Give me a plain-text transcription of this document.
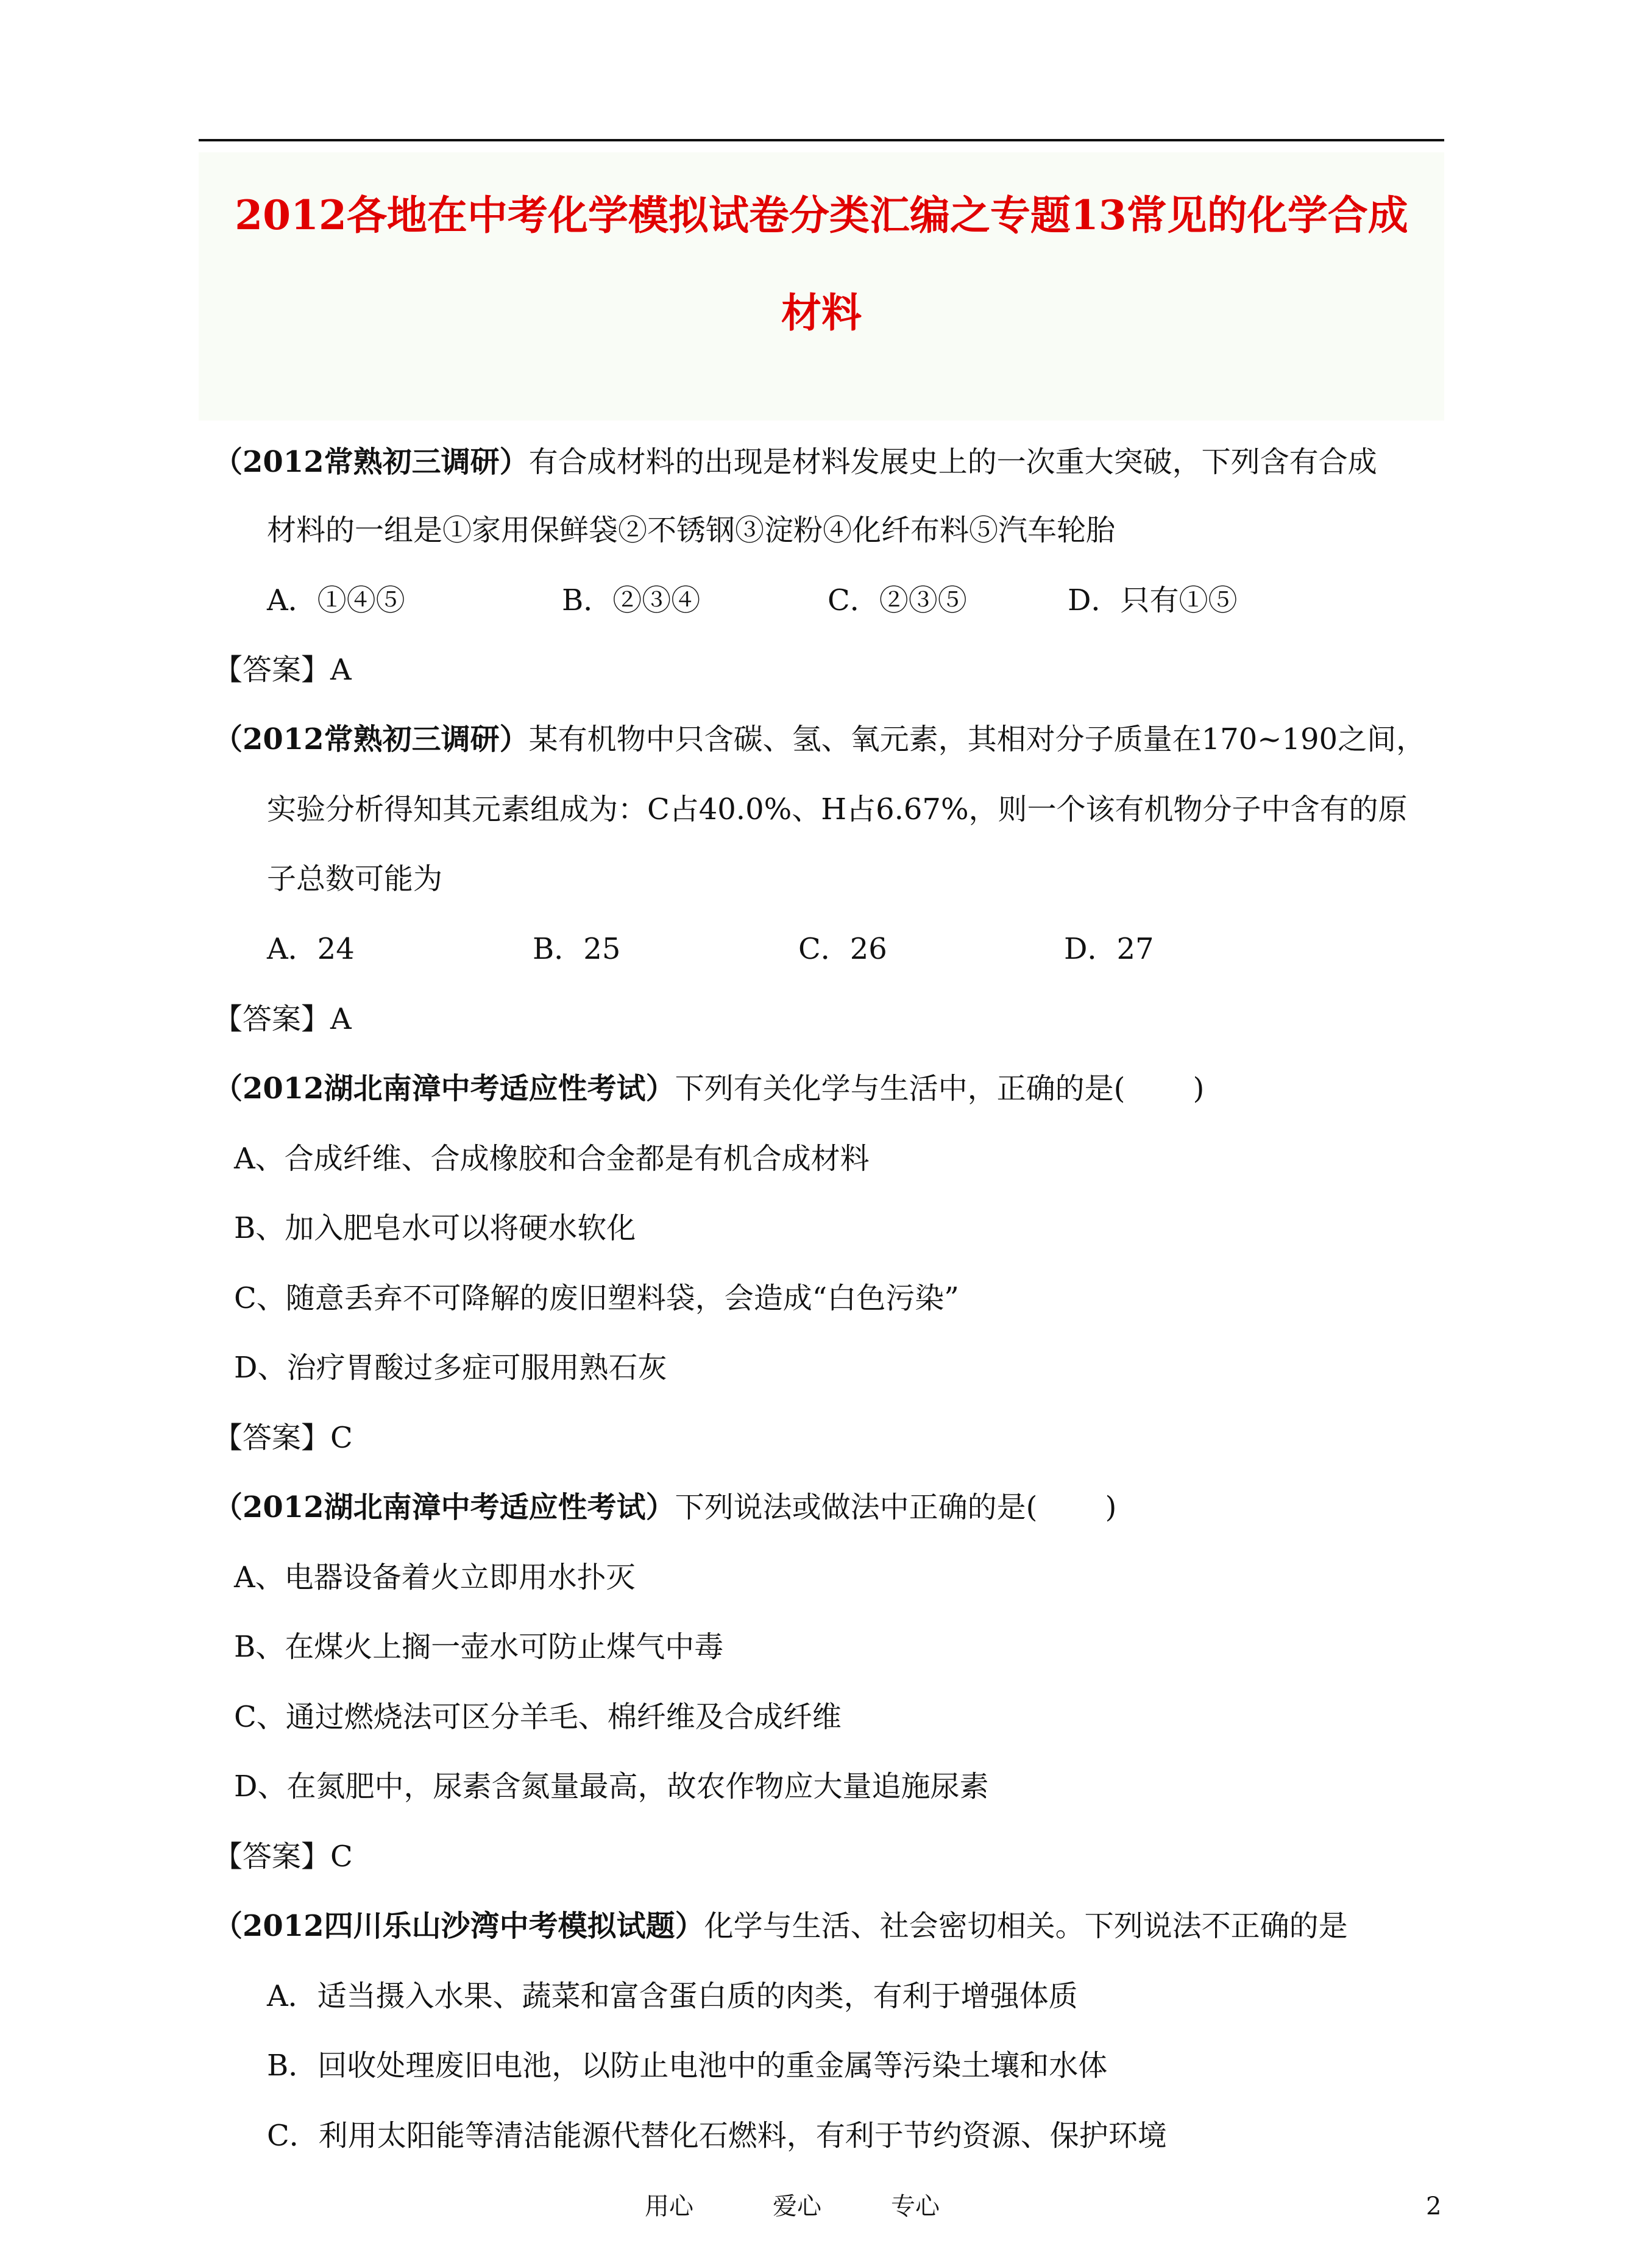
2012各地在中考化学模拟试卷分类汇编之专题13常见的化学合成
材料
（2012常熟初三调研）有合成材料的出现是材料发展史上的一次重大突破，下列含有合成
材料的一组是①家用保鲜袋②不锈钢③淀粉④化纤布料⑤汽车轮胎
A．①④⑤	B．②③④	C．②③⑤	D．只有①⑤
【答案】A
（2012常熟初三调研）某有机物中只含碳、氢、氧元素，其相对分子质量在170~190之间，
实验分析得知其元素组成为：C占40.0%、H占6.67%，则一个该有机物分子中含有的原
子总数可能为
A．24	B．25	C．26	D．27
【答案】A
（2012湖北南漳中考适应性考试）下列有关化学与生活中，正确的是(　　 )
A、合成纤维、合成橡胶和合金都是有机合成材料
B、加入肥皂水可以将硬水软化
C、随意丢弃不可降解的废旧塑料袋，会造成“白色污染”
D、治疗胃酸过多症可服用熟石灰
【答案】C
（2012湖北南漳中考适应性考试）下列说法或做法中正确的是(　　 )
A、电器设备着火立即用水扑灭
B、在煤火上搁一壶水可防止煤气中毒
C、通过燃烧法可区分羊毛、棉纤维及合成纤维
D、在氮肥中，尿素含氮量最高，故农作物应大量追施尿素
【答案】C
（2012四川乐山沙湾中考模拟试题）化学与生活、社会密切相关。下列说法不正确的是
A．适当摄入水果、蔬菜和富含蛋白质的肉类，有利于增强体质
B．回收处理废旧电池，以防止电池中的重金属等污染土壤和水体
C．利用太阳能等清洁能源代替化石燃料，有利于节约资源、保护环境
用心	爱心	专心	2
